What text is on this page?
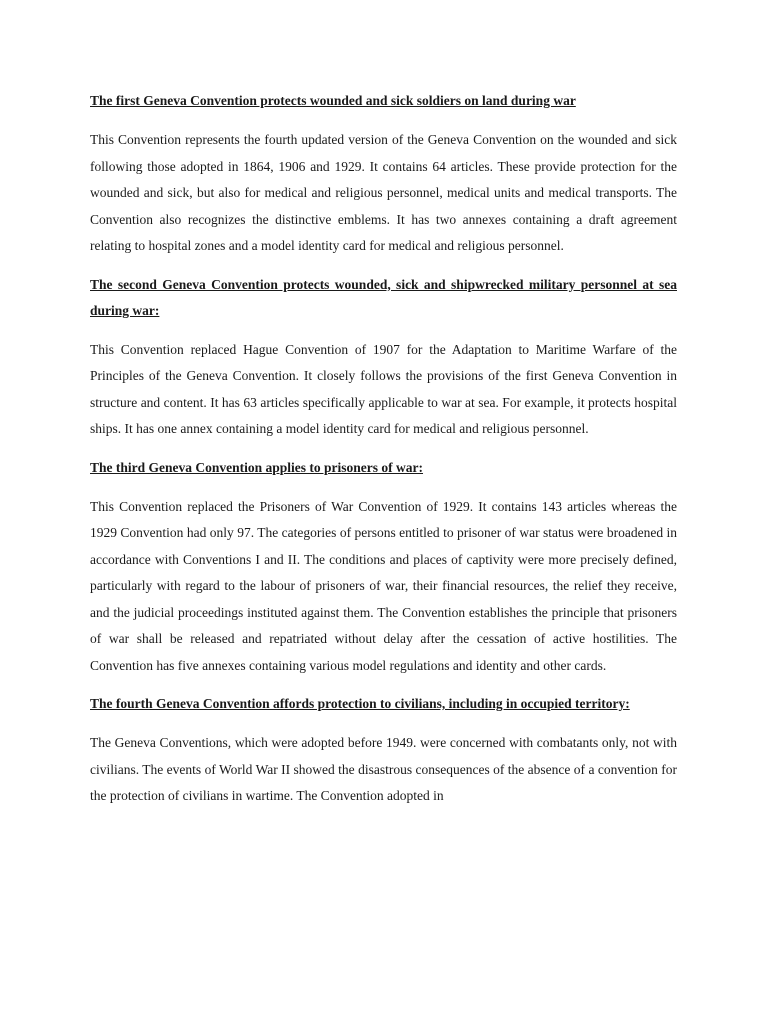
The first Geneva Convention protects wounded and sick soldiers on land during war

This Convention represents the fourth updated version of the Geneva Convention on the wounded and sick following those adopted in 1864, 1906 and 1929. It contains 64 articles. These provide protection for the wounded and sick, but also for medical and religious personnel, medical units and medical transports. The Convention also recognizes the distinctive emblems. It has two annexes containing a draft agreement relating to hospital zones and a model identity card for medical and religious personnel.

The second Geneva Convention protects wounded, sick and shipwrecked military personnel at sea during war:

This Convention replaced Hague Convention of 1907 for the Adaptation to Maritime Warfare of the Principles of the Geneva Convention. It closely follows the provisions of the first Geneva Convention in structure and content. It has 63 articles specifically applicable to war at sea. For example, it protects hospital ships. It has one annex containing a model identity card for medical and religious personnel.

The third Geneva Convention applies to prisoners of war:

This Convention replaced the Prisoners of War Convention of 1929. It contains 143 articles whereas the 1929 Convention had only 97. The categories of persons entitled to prisoner of war status were broadened in accordance with Conventions I and II. The conditions and places of captivity were more precisely defined, particularly with regard to the labour of prisoners of war, their financial resources, the relief they receive, and the judicial proceedings instituted against them. The Convention establishes the principle that prisoners of war shall be released and repatriated without delay after the cessation of active hostilities. The Convention has five annexes containing various model regulations and identity and other cards.

The fourth Geneva Convention affords protection to civilians, including in occupied territory:

The Geneva Conventions, which were adopted before 1949. were concerned with combatants only, not with civilians. The events of World War II showed the disastrous consequences of the absence of a convention for the protection of civilians in wartime. The Convention adopted in
